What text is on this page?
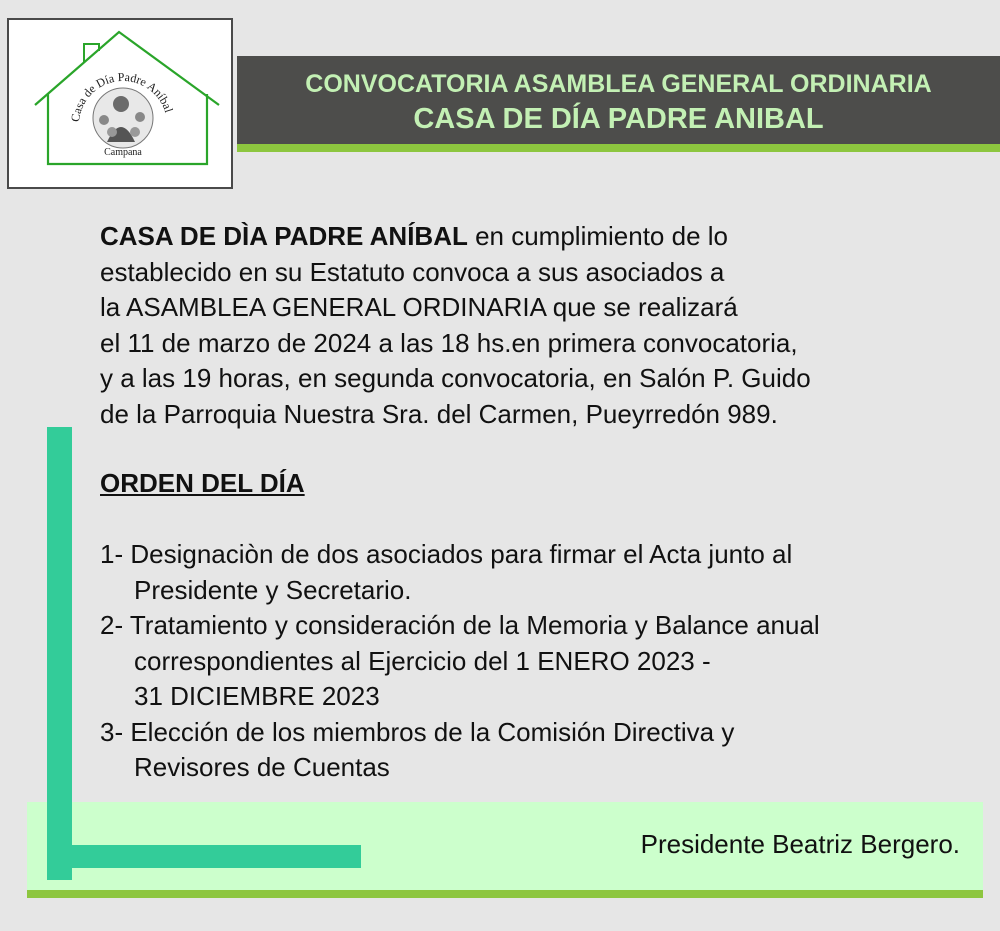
Casa de Día Padre Aníbal
Campana
CONVOCATORIA ASAMBLEA GENERAL ORDINARIA
CASA DE DÍA PADRE ANIBAL
CASA DE DÌA PADRE ANÍBAL en cumplimiento de lo
establecido en su Estatuto convoca a sus asociados a
la ASAMBLEA GENERAL ORDINARIA que se realizará
el 11 de marzo de 2024 a las 18 hs.en primera convocatoria,
y a las 19 horas, en segunda convocatoria, en Salón P. Guido
de la Parroquia Nuestra Sra. del Carmen, Pueyrredón 989.
ORDEN DEL DÍA
1- Designaciòn de dos asociados para firmar el Acta junto al
Presidente y Secretario.
2- Tratamiento y consideración de la Memoria y Balance anual
correspondientes al Ejercicio del 1 ENERO 2023 -
31 DICIEMBRE 2023
3- Elección de los miembros de la Comisión Directiva y
Revisores de Cuentas
Presidente Beatriz Bergero.
